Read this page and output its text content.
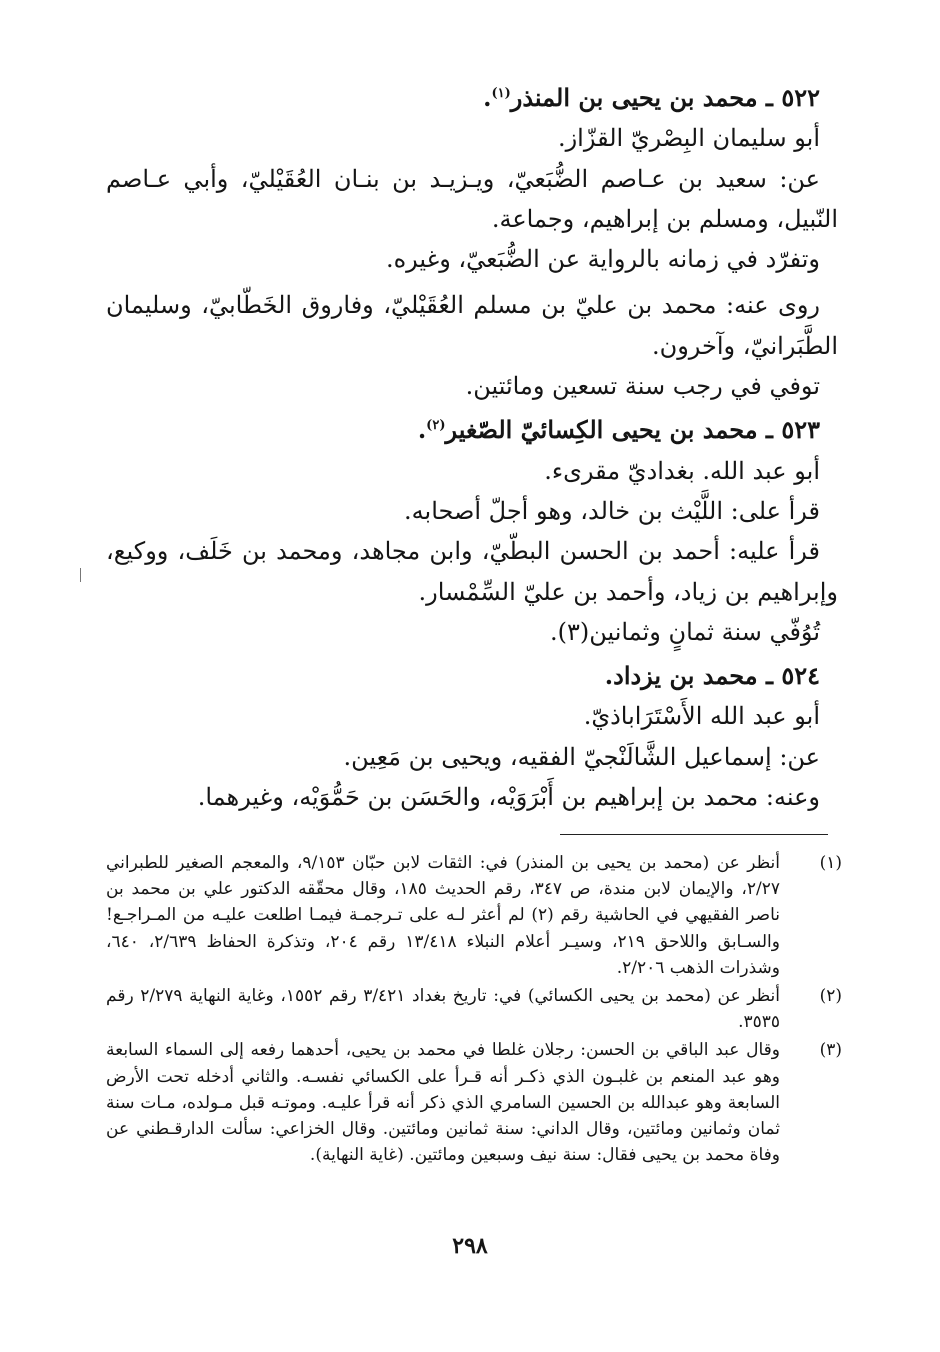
٥٢٢ ـ محمد بن يحيى بن المنذر$^{(١)}$.

أبو سليمان البِصْريّ القزّاز.

عن: سعيد بن عـاصم الضُّبَعيّ، ويـزيـد بن بنـان العُقَيْليّ، وأبي عـاصم النّبيل، ومسلم بن إبراهيم، وجماعة.

وتفرّد في زمانه بالرواية عن الضُّبَعيّ، وغيره.

روى عنه: محمد بن عليّ بن مسلم العُقَيْليّ، وفاروق الخَطّابيّ، وسليمان الطَّبَرانيّ، وآخرون.

توفي في رجب سنة تسعين ومائتين.

٥٢٣ ـ محمد بن يحيى الكِسائيّ الصّغير$^{(٢)}$.

أبو عبد الله. بغداديّ مقرىء.

قرأ على: اللَّيْث بن خالد، وهو أجلّ أصحابه.

قرأ عليه: أحمد بن الحسن البطّيّ، وابن مجاهد، ومحمد بن خَلَف، ووكيع، وإبراهيم بن زياد، وأحمد بن عليّ السِّمْسار.

تُوُفّي سنة ثمانٍ وثمانين(٣).

٥٢٤ ـ محمد بن يزداد.

أبو عبد الله الأَسْتَرَاباذيّ.

عن: إسماعيل الشَّالَنْجيّ الفقيه، ويحيى بن مَعِين.

وعنه: محمد بن إبراهيم بن أَبْرَوَيْه، والحَسَن بن حَمُّوَيْه، وغيرهما.

(١)

أنظر عن (محمد بن يحيى بن المنذر) في: الثقات لابن حبّان ٩/١٥٣، والمعجم الصغير للطبراني ٢/٢٧، والإيمان لابن مندة، ص ٣٤٧، رقم الحديث ١٨٥، وقال محقّقه الدكتور علي بن محمد بن ناصر الفقيهي في الحاشية رقم (٢) لم أعثر لـه على تـرجمـة فيمـا اطلعت عليـه من المـراجـع! والسـابق واللاحق ٢١٩، وسيـر أعلام النبلاء ١٣/٤١٨ رقم ٢٠٤، وتذكرة الحفاظ ٢/٦٣٩، ٦٤٠، وشذرات الذهب ٢/٢٠٦.

(٢)

أنظر عن (محمد بن يحيى الكسائي) في: تاريخ بغداد ٣/٤٢١ رقم ١٥٥٢، وغاية النهاية ٢/٢٧٩ رقم ٣٥٣٥.

(٣)

وقال عبد الباقي بن الحسن: رجلان غلطا في محمد بن يحيى، أحدهما رفعه إلى السماء السابعة وهو عبد المنعم بن غلبـون الذي ذكـر أنه قـرأ على الكسائي نفسـه. والثاني أدخله تحت الأرض السابعة وهو عبدالله بن الحسين السامري الذي ذكر أنه قرأ عليـه. وموتـه قبل مـولده، مـات سنة ثمان وثمانين ومائتين، وقال الداني: سنة ثمانين ومائتين. وقال الخزاعي: سألت الدارقـطني عن وفاة محمد بن يحيى فقال: سنة نيف وسبعين ومائتين. (غاية النهاية).

٢٩٨
